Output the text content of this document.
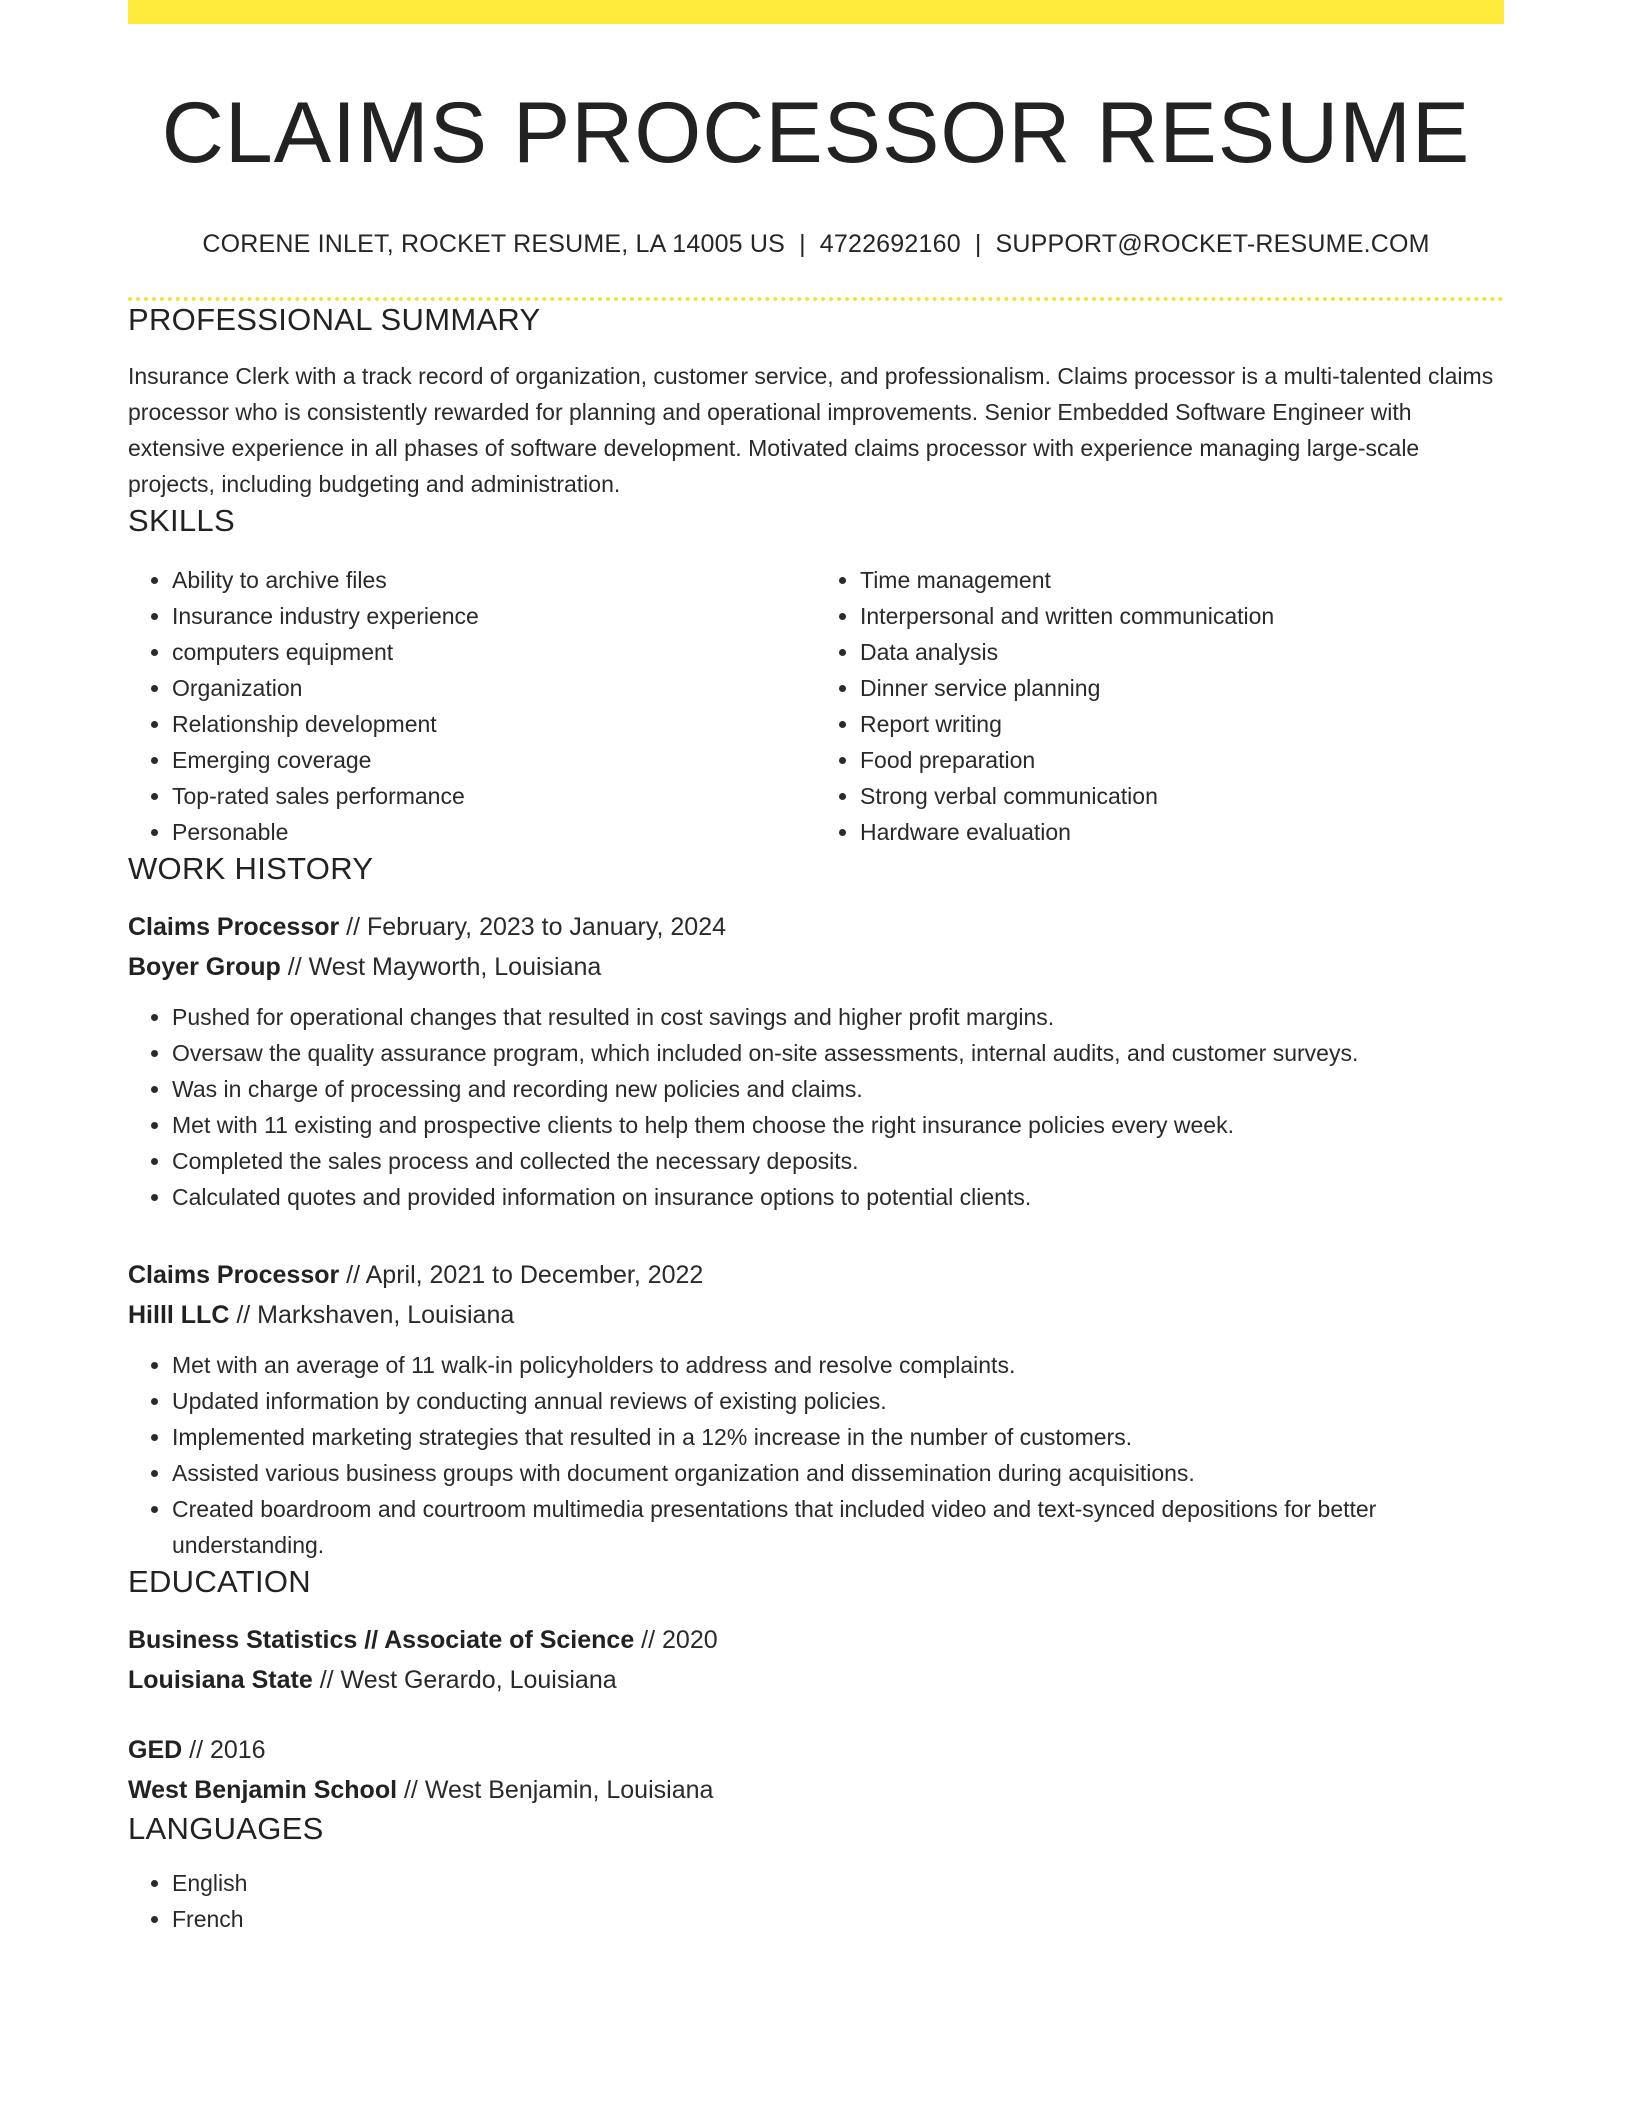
CLAIMS PROCESSOR RESUME
CORENE INLET, ROCKET RESUME, LA 14005 US | 4722692160 | SUPPORT@ROCKET-RESUME.COM
PROFESSIONAL SUMMARY

Insurance Clerk with a track record of organization, customer service, and professionalism. Claims processor is a multi-talented claims processor who is consistently rewarded for planning and operational improvements. Senior Embedded Software Engineer with extensive experience in all phases of software development. Motivated claims processor with experience managing large-scale projects, including budgeting and administration.

SKILLS
• Ability to archive files
• Insurance industry experience
• computers equipment
• Organization
• Relationship development
• Emerging coverage
• Top-rated sales performance
• Personable
• Time management
• Interpersonal and written communication
• Data analysis
• Dinner service planning
• Report writing
• Food preparation
• Strong verbal communication
• Hardware evaluation
WORK HISTORY
Claims Processor // February, 2023 to January, 2024
Boyer Group // West Mayworth, Louisiana
• Pushed for operational changes that resulted in cost savings and higher profit margins.
• Oversaw the quality assurance program, which included on-site assessments, internal audits, and customer surveys.
• Was in charge of processing and recording new policies and claims.
• Met with 11 existing and prospective clients to help them choose the right insurance policies every week.
• Completed the sales process and collected the necessary deposits.
• Calculated quotes and provided information on insurance options to potential clients.
Claims Processor // April, 2021 to December, 2022
Hilll LLC // Markshaven, Louisiana
• Met with an average of 11 walk-in policyholders to address and resolve complaints.
• Updated information by conducting annual reviews of existing policies.
• Implemented marketing strategies that resulted in a 12% increase in the number of customers.
• Assisted various business groups with document organization and dissemination during acquisitions.
• Created boardroom and courtroom multimedia presentations that included video and text-synced depositions for better understanding.
EDUCATION
Business Statistics // Associate of Science // 2020
Louisiana State // West Gerardo, Louisiana
GED // 2016
West Benjamin School // West Benjamin, Louisiana
LANGUAGES
• English
• French
